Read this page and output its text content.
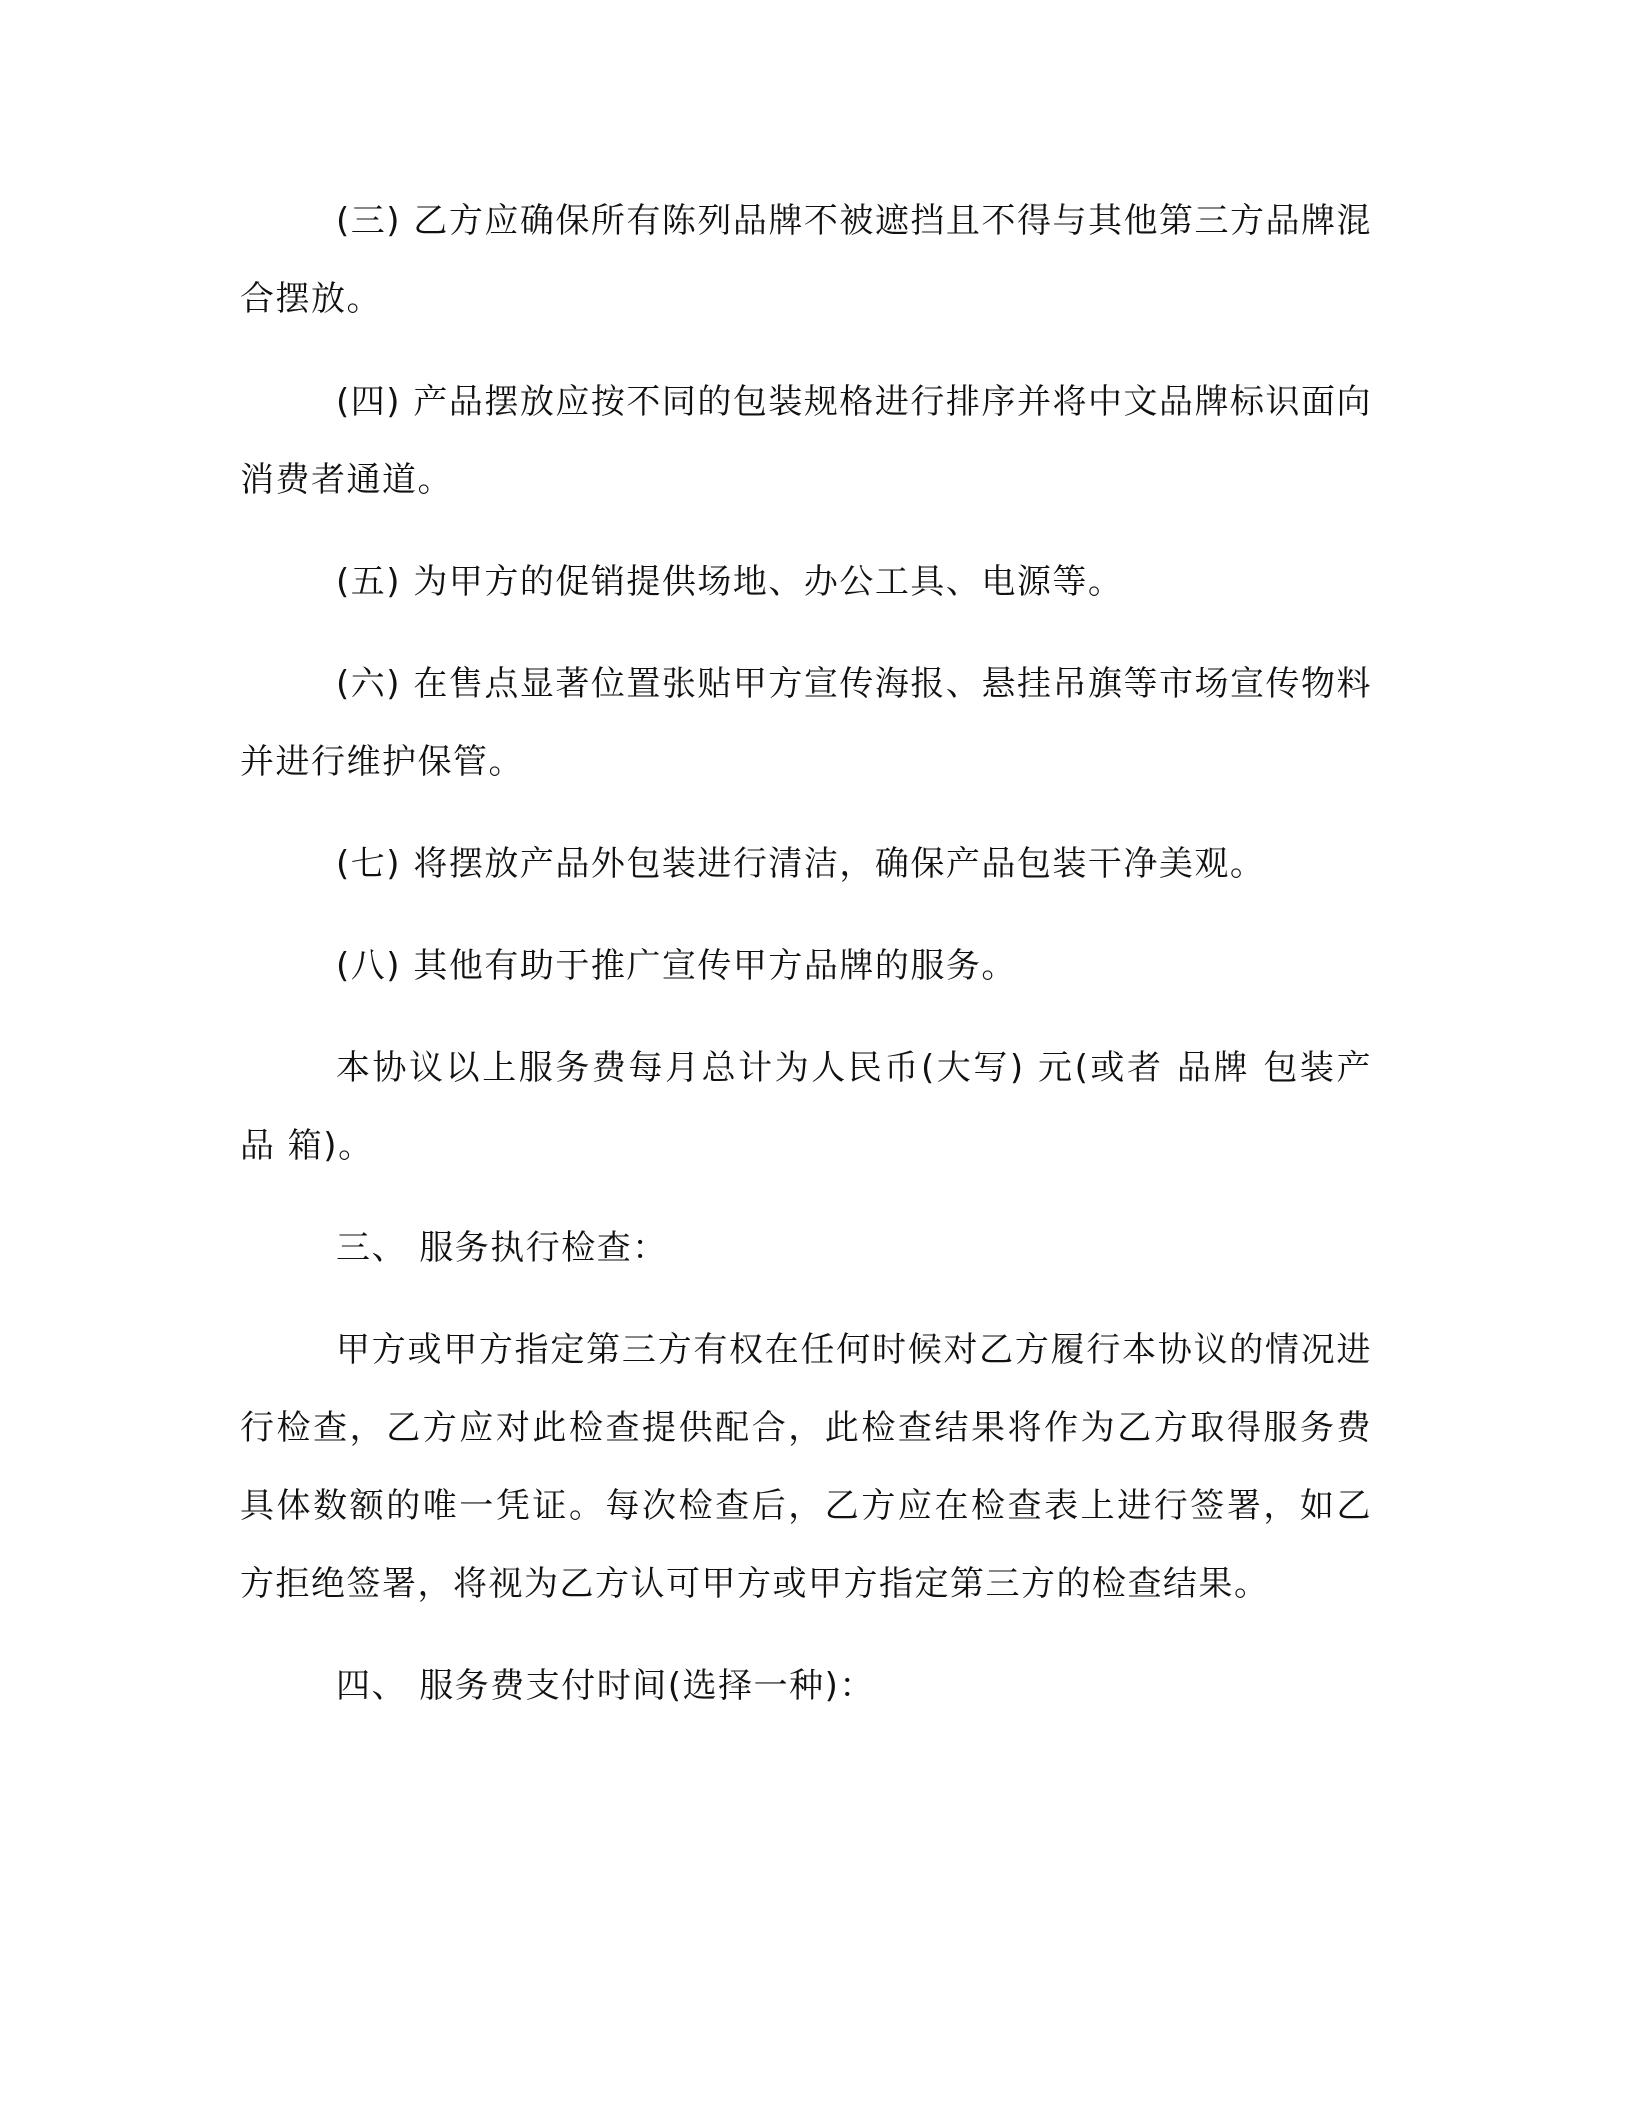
(三) 乙方应确保所有陈列品牌不被遮挡且不得与其他第三方品牌混合摆放。

(四) 产品摆放应按不同的包装规格进行排序并将中文品牌标识面向消费者通道。

(五) 为甲方的促销提供场地、办公工具、电源等。

(六) 在售点显著位置张贴甲方宣传海报、悬挂吊旗等市场宣传物料并进行维护保管。

(七) 将摆放产品外包装进行清洁，确保产品包装干净美观。

(八) 其他有助于推广宣传甲方品牌的服务。

本协议以上服务费每月总计为人民币(大写) 元(或者 品牌 包装产品 箱)。

三、 服务执行检查：

甲方或甲方指定第三方有权在任何时候对乙方履行本协议的情况进行检查，乙方应对此检查提供配合，此检查结果将作为乙方取得服务费具体数额的唯一凭证。每次检查后，乙方应在检查表上进行签署，如乙方拒绝签署，将视为乙方认可甲方或甲方指定第三方的检查结果。

四、 服务费支付时间(选择一种)：
